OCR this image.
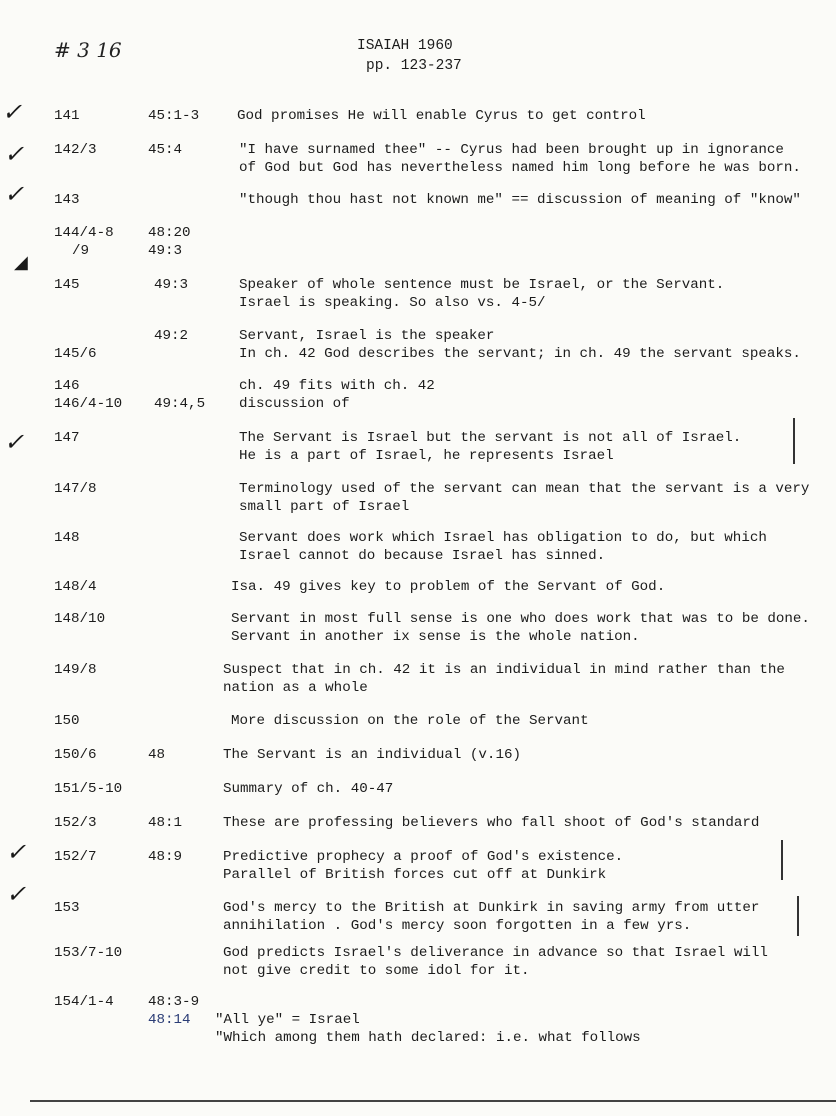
# 3 16	ISAIAH 1960
pp. 123-237
✓
✓
✓
◢
✓
✓
✓
141	45:1-3	God promises He will enable Cyrus to get control
142/3	45:4	"I have surnamed thee" -- Cyrus had been brought up in ignorance
of God but God has nevertheless named him long before he was born.
143	"though thou hast not known me" == discussion of meaning of "know"
144/4-8 48:20
/9	49:3
145	49:3	Speaker of whole sentence must be Israel, or the Servant.
Israel is speaking. So also vs. 4-5/
49:2	Servant, Israel is the speaker
145/6	In ch. 42 God describes the servant; in ch. 49 the servant speaks.
146	ch. 49 fits with ch. 42
146/4-10 49:4,5 discussion of
147	The Servant is Israel but the servant is not all of Israel.
He is a part of Israel, he represents Israel
147/8	Terminology used of the servant can mean that the servant is a very
small part of Israel
148	Servant does work which Israel has obligation to do, but which
Israel cannot do because Israel has sinned.
148/4	Isa. 49 gives key to problem of the Servant of God.
148/10	Servant in most full sense is one who does work that was to be done.
Servant in another ix sense is the whole nation.
149/8	Suspect that in ch. 42 it is an individual in mind rather than the
nation as a whole
150	More discussion on the role of the Servant
150/6	48	The Servant is an individual (v.16)
151/5-10	Summary of ch. 40-47
152/3	48:1	These are professing believers who fall shoot of God's standard
152/7	48:9	Predictive prophecy a proof of God's existence.
Parallel of British forces cut off at Dunkirk
153	God's mercy to the British at Dunkirk in saving army from utter
annihilation . God's mercy soon forgotten in a few yrs.
153/7-10	God predicts Israel's deliverance in advance so that Israel will
not give credit to some idol for it.
154/1-4 48:3-9
48:14 "All ye" = Israel
"Which among them hath declared: i.e. what follows
